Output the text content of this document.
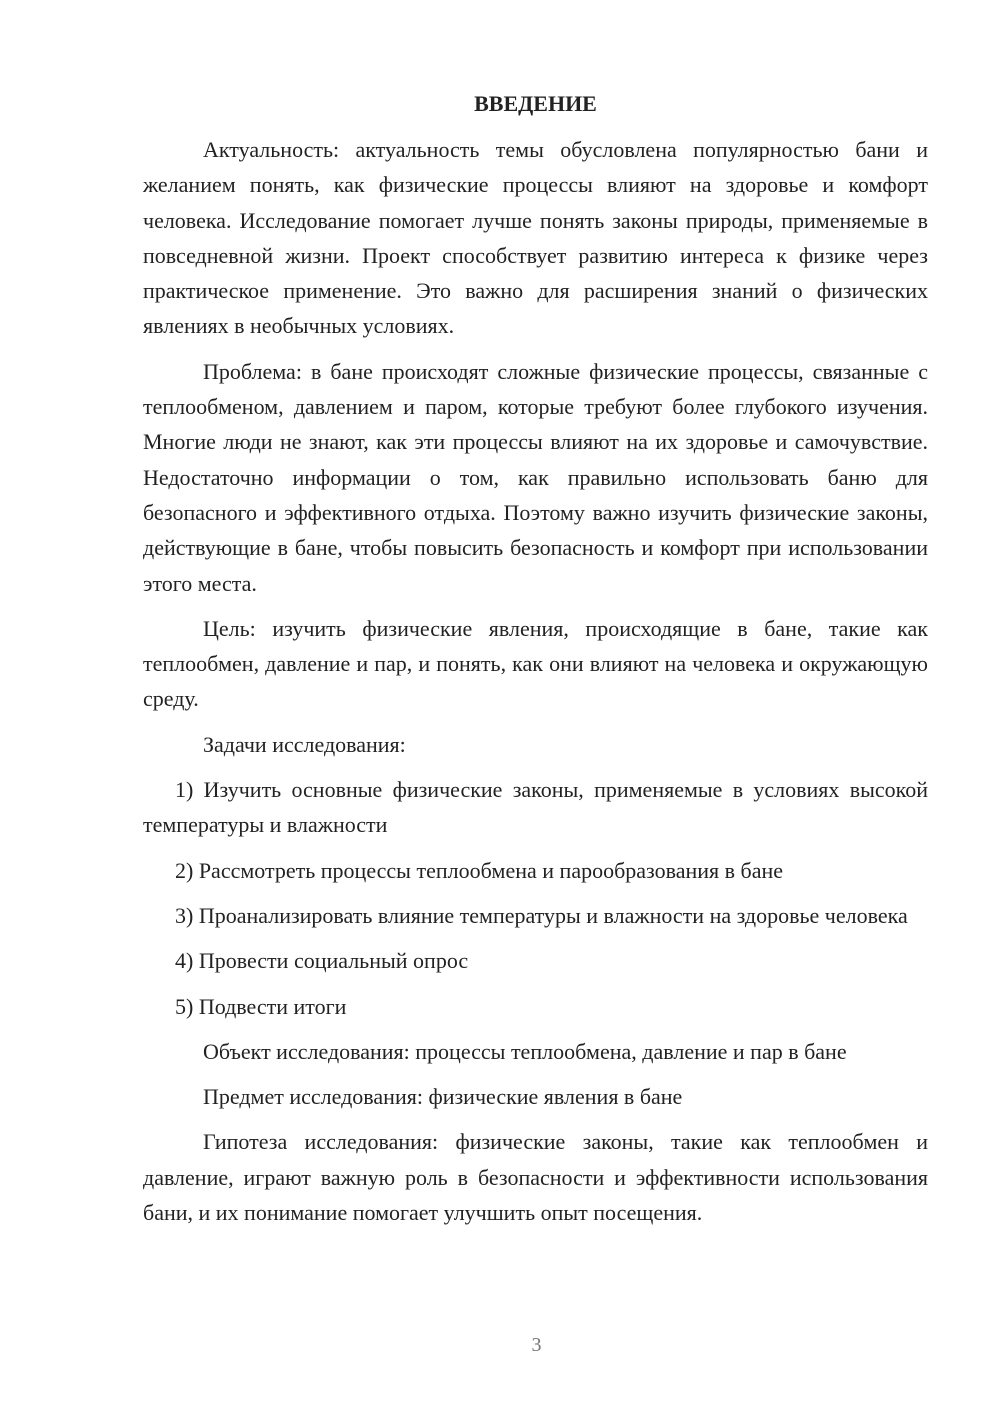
ВВЕДЕНИЕ

Актуальность: актуальность темы обусловлена популярностью бани и желанием понять, как физические процессы влияют на здоровье и комфорт человека. Исследование помогает лучше понять законы природы, применяемые в повседневной жизни. Проект способствует развитию интереса к физике через практическое применение. Это важно для расширения знаний о физических явлениях в необычных условиях.

Проблема: в бане происходят сложные физические процессы, связанные с теплообменом, давлением и паром, которые требуют более глубокого изучения. Многие люди не знают, как эти процессы влияют на их здоровье и самочувствие. Недостаточно информации о том, как правильно использовать баню для безопасного и эффективного отдыха. Поэтому важно изучить физические законы, действующие в бане, чтобы повысить безопасность и комфорт при использовании этого места.

Цель: изучить физические явления, происходящие в бане, такие как теплообмен, давление и пар, и понять, как они влияют на человека и окружающую среду.

Задачи исследования:

1) Изучить основные физические законы, применяемые в условиях высокой температуры и влажности

2) Рассмотреть процессы теплообмена и парообразования в бане

3) Проанализировать влияние температуры и влажности на здоровье человека

4) Провести социальный опрос

5) Подвести итоги

Объект исследования: процессы теплообмена, давление и пар в бане

Предмет исследования: физические явления в бане

Гипотеза исследования: физические законы, такие как теплообмен и давление, играют важную роль в безопасности и эффективности использования бани, и их понимание помогает улучшить опыт посещения.

3
